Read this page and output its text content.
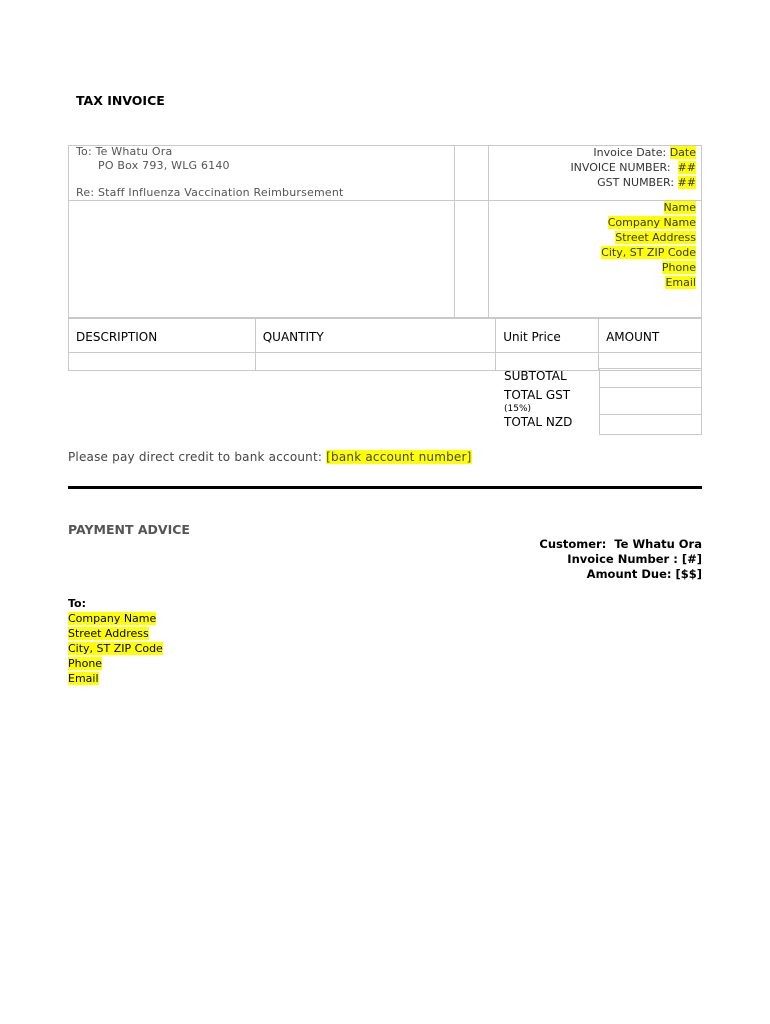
TAX INVOICE
To: Te Whatu Ora
PO Box 793, WLG 6140
Re: Staff Influenza Vaccination Reimbursement
Invoice Date: Date
INVOICE NUMBER: ##
GST NUMBER: ##
Name
Company Name
Street Address
City, ST ZIP Code
Phone
Email
DESCRIPTION	QUANTITY	Unit Price	AMOUNT

SUBTOTAL
TOTAL GST
(15%)
TOTAL NZD
Please pay direct credit to bank account: [bank account number]
PAYMENT ADVICE
Customer: Te Whatu Ora
Invoice Number : [#]
Amount Due: [$$]
To:
Company Name
Street Address
City, ST ZIP Code
Phone
Email
